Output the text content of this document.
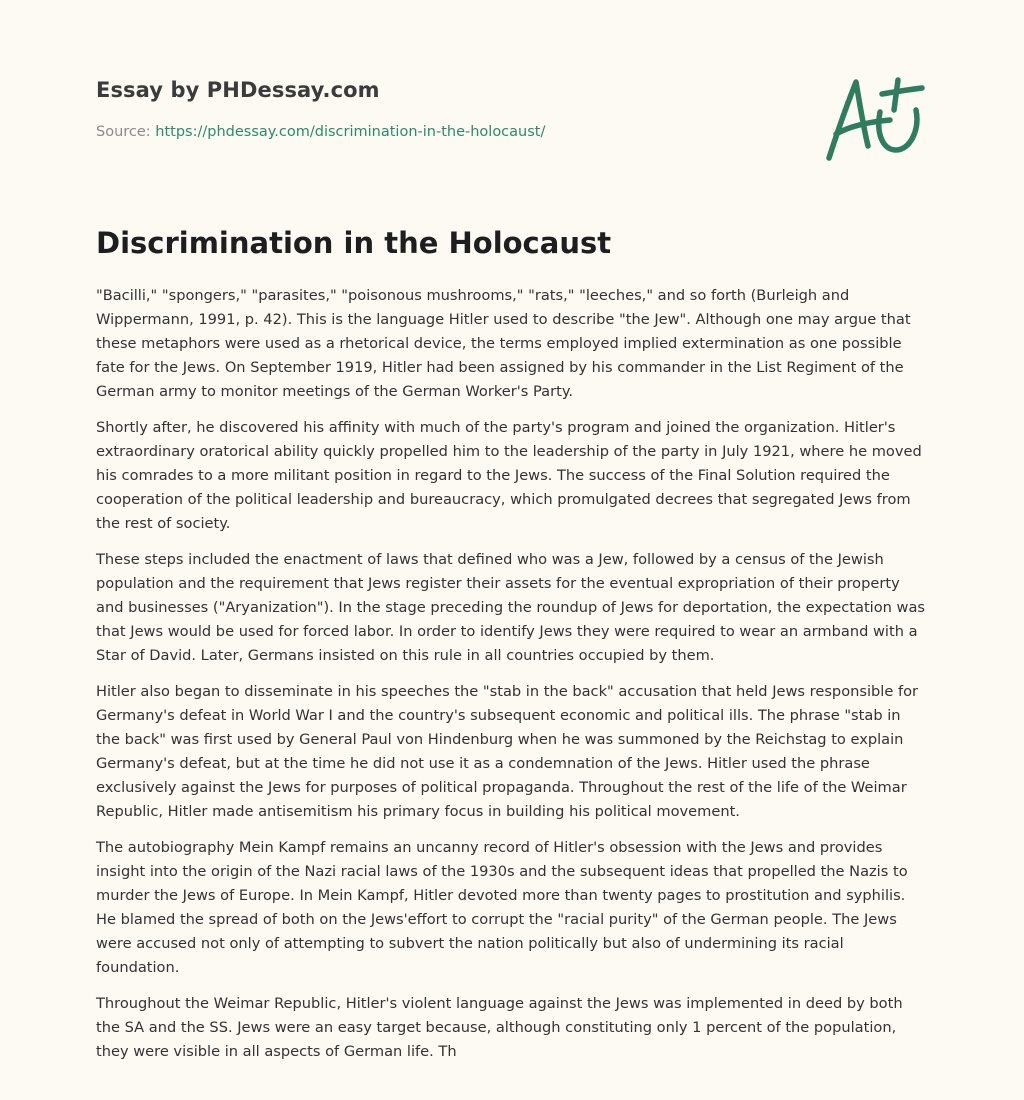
Essay by PHDessay.com
Source: https://phdessay.com/discrimination-in-the-holocaust/
Discrimination in the Holocaust

"Bacilli," "spongers," "parasites," "poisonous mushrooms," "rats," "leeches," and so forth (Burleigh and Wippermann, 1991, p. 42). This is the language Hitler used to describe "the Jew". Although one may argue that these metaphors were used as a rhetorical device, the terms employed implied extermination as one possible fate for the Jews. On September 1919, Hitler had been assigned by his commander in the List Regiment of the German army to monitor meetings of the German Worker's Party.

Shortly after, he discovered his affinity with much of the party's program and joined the organization. Hitler's extraordinary oratorical ability quickly propelled him to the leadership of the party in July 1921, where he moved his comrades to a more militant position in regard to the Jews. The success of the Final Solution required the cooperation of the political leadership and bureaucracy, which promulgated decrees that segregated Jews from the rest of society.

These steps included the enactment of laws that defined who was a Jew, followed by a census of the Jewish population and the requirement that Jews register their assets for the eventual expropriation of their property and businesses ("Aryanization"). In the stage preceding the roundup of Jews for deportation, the expectation was that Jews would be used for forced labor. In order to identify Jews they were required to wear an armband with a Star of David. Later, Germans insisted on this rule in all countries occupied by them.

Hitler also began to disseminate in his speeches the "stab in the back" accusation that held Jews responsible for Germany's defeat in World War I and the country's subsequent economic and political ills. The phrase "stab in the back" was first used by General Paul von Hindenburg when he was summoned by the Reichstag to explain Germany's defeat, but at the time he did not use it as a condemnation of the Jews. Hitler used the phrase exclusively against the Jews for purposes of political propaganda. Throughout the rest of the life of the Weimar Republic, Hitler made antisemitism his primary focus in building his political movement.

The autobiography Mein Kampf remains an uncanny record of Hitler's obsession with the Jews and provides insight into the origin of the Nazi racial laws of the 1930s and the subsequent ideas that propelled the Nazis to murder the Jews of Europe. In Mein Kampf, Hitler devoted more than twenty pages to prostitution and syphilis. He blamed the spread of both on the Jews'effort to corrupt the "racial purity" of the German people. The Jews were accused not only of attempting to subvert the nation politically but also of undermining its racial foundation.

Throughout the Weimar Republic, Hitler's violent language against the Jews was implemented in deed by both the SA and the SS. Jews were an easy target because, although constituting only 1 percent of the population, they were visible in all aspects of German life. Th
